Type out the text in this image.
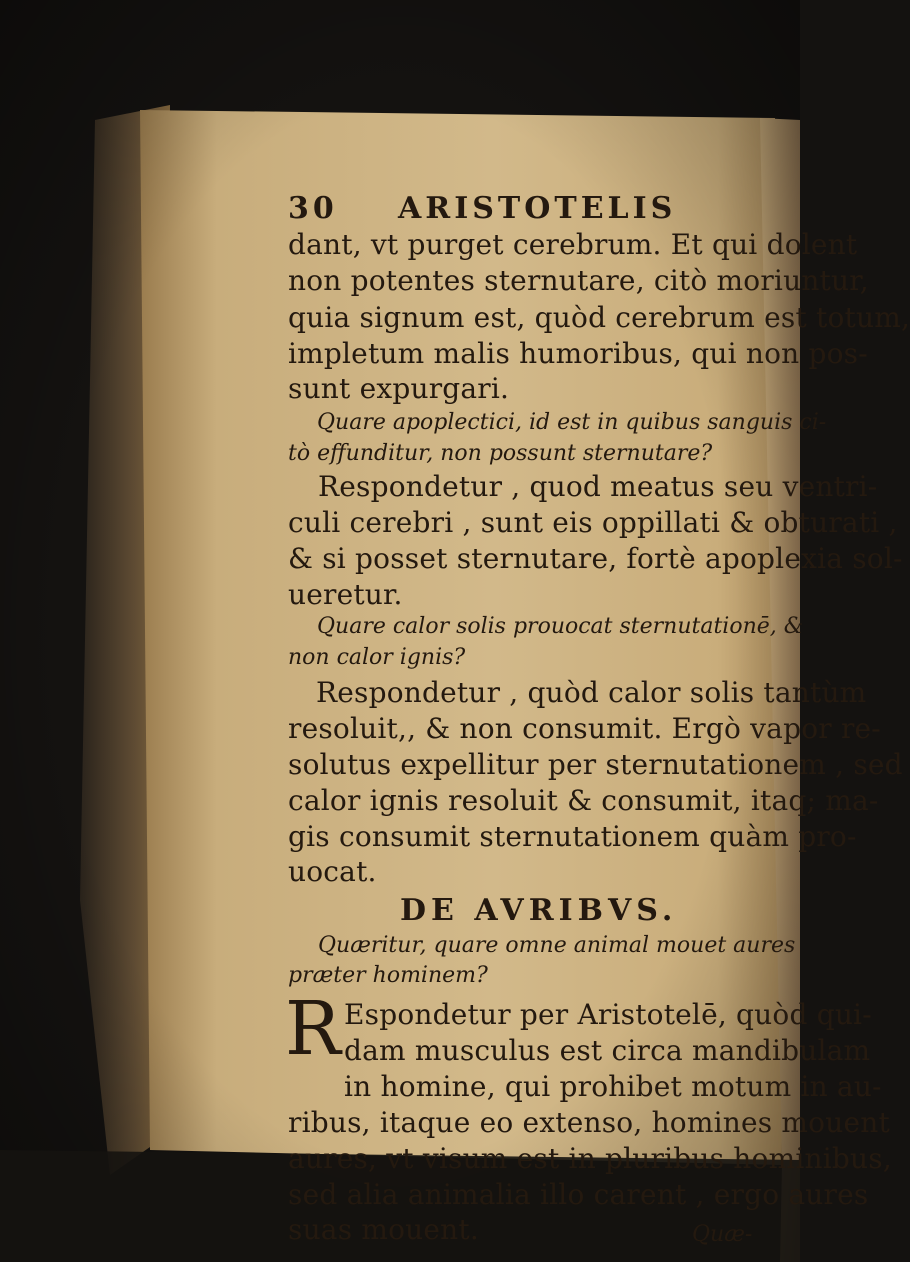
30 ARISTOTELIS
dant, vt purget cerebrum. Et qui dolent
non potentes sternutare, citò moriuntur,
quia signum est, quòd cerebrum est totum,
impletum malis humoribus, qui non pos-
sunt expurgari.
Quare apoplectici, id est in quibus sanguis ci-
tò effunditur, non possunt sternutare?
Respondetur , quod meatus seu ventri-
culi cerebri , sunt eis oppillati & obturati ,
& si posset sternutare, fortè apoplexia sol-
ueretur.
Quare calor solis prouocat sternutationē, &
non calor ignis?
Respondetur , quòd calor solis tantùm
resoluit,, & non consumit. Ergò vapor re-
solutus expellitur per sternutationem , sed
calor ignis resoluit & consumit, itaq; ma-
gis consumit sternutationem quàm pro-
uocat.
DE AVRIBVS.
Quæritur, quare omne animal mouet aures
præter hominem?
R Espondetur per Aristotelē, quòd qui-
dam musculus est circa mandibulam
in homine, qui prohibet motum in au-
ribus, itaque eo extenso, homines mouent
aures, vt visum est in pluribus hominibus,
sed alia animalia illo carent , ergo aures
suas mouent.	Quæ-
